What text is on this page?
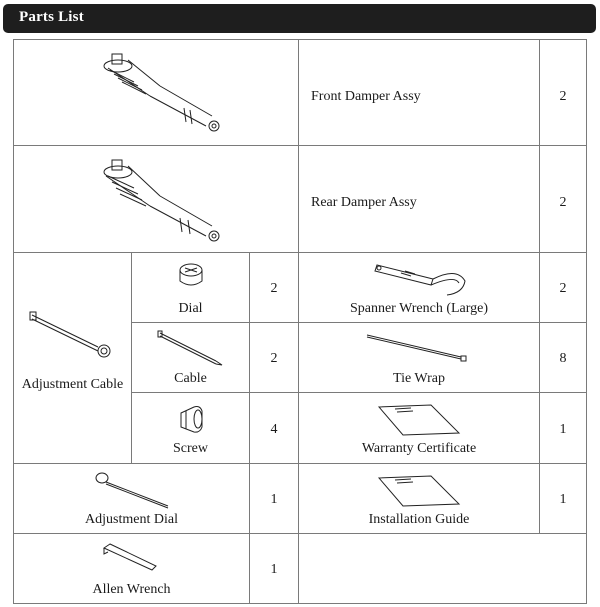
Parts List
Front Damper Assy	2
Rear Damper Assy	2
Adjustment Cable
Dial
2
Spanner Wrench (Large)
2
Cable
2
Tie Wrap
8
Screw
4
Warranty Certificate
1
Adjustment Dial
1
Installation Guide
1
Allen Wrench
1
